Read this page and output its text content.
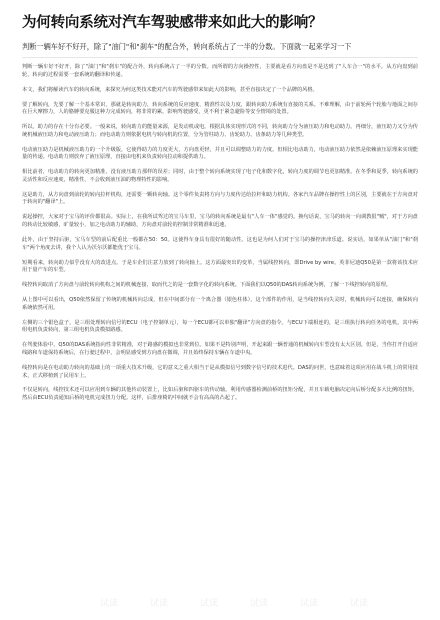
为何转向系统对汽车驾驶感带来如此大的影响？

判断一辆车好不好开，除了"油门"和"刹车"的配合外，转向系统占了一半的分数。下面就一起来学习一下

判断一辆车好不好开，除了"油门"和"刹车"的配合外，转向系统占了一半的分数。而所谓的方向操控性，主要就是看方向盘是不是达到了"人车合一"的水平。从方向盘到前轮，转向的过程需要一套系统的翻译和传递。

本文，我们将解读汽车的转向系统，来探究为何这类技术能对汽车的驾驶感带来如此大的影响，甚至直接决定了一个品牌的风格。

要了解转向，先要了解一个基本常识，那就是转向助力，转向系统的反应速度、精准性以及力度，跟转向助力系统有直接的关系。不难理解，由于前轮两个轮胎与地面之间存在巨大摩擦力，人的胳膊要克服这种力完成转向，将非常的累，影响驾驶感受，更不利于紧急避险等安全情境的处置。

所以，助力的存在十分有必要。一般来说，转向助力的能量来源，是发动机或电。根据具体实现形式的不同，转向助力分为液压助力和电动助力。再细分，液压助力又分为传统机械液压助力和电动液压助力；而电动助力则依据电机与转向机的位置，分为管柱助力、齿轮助力、齿条助力等几种类型。

电动液压助力是机械液压助力的一个升级版，它使得助力的力度更大，方向盘更轻，并且可以调整助力的力度。但相比电动助力，电动液压助力依然是依赖液压原理来实现能量的传递。电动助力则放弃了液压原理，直接由电机来负责转向拉动和提供助力。

相比前者，电动助力的转向更加精准，没有液压助力那样的误差；同时，由于整个转向系统实现了电子化和数字化，转向力度的调节也更加精准。在冬季和夏季，转向系统的灵活性和反应速度，精准性，不会收到液压油的物理特性的影响。

这是助力，从方向盘到前轮的转向拉杆机构，还需要一颗转向轴。这个零件负责将方向与力度传达给拉杆和助力机构。各家汽车品牌在操控性上的区别，主要就在于方向盘对于转向的"翻译"上。

说起操控，大家对于宝马的评价都很高。实际上，在我所试驾过的宝马车里，宝马的转向系统是最有"人车一体"感觉的。换句话说，宝马的转向一向调教很"贼"，对于方向盘的转动比较敏感，旷量较小，加之电动助力的辅助，方向盘对前轮的控制非常精准和迅速。

此外，由于坚持后驱，宝马车型的前后配重比一般都在50：50。这使得车身具有很好的随动性。这也是为何人们对于宝马的操控津津乐道。说实话，如果单从"油门"和"刹车"两个角度去讲，我个人认为沃尔沃都能优于宝马。

短期看来，转向助力似乎没有大的改进点。于是车企们注意力放到了转向轴上。这方面最突出的变革，当属线控转向，即Drive by wire。英菲尼迪Q50是第一款将该技术应用于量产车的车型。

线控转向取消了方向盘与前轮转向机构之间的机械连接，取而代之的是一套数字化的转向系统。下面我们以Q50的DAS转向系统为例，了解一下线控转向的原理。

从上图中可以看出，Q50依然保留了传统的机械转向总成，但在中间部分有一个离合器（银色柱体），这个部件的作用，是当线控转向失灵时，机械转向可以连接，确保转向系统依然可用。

左侧的三个银色盒子，是三组处理转向信号的ECU（电子控制单元），每一个ECU都可以单独"翻译"方向盘的指令。与ECU下端相连的，是三组执行转向任务的电机。其中两组电机负责转向，第三组电机负责模拟路感。

在驾驶体验中，Q50的DAS系统指向性非常精准，对于路感的模拟也非常到位。如果不是特别声明，开起来跟一辆普通的机械转向车型没有太大区别。但是，当你打开自适应线路和车道保持系统后，在行驶过程中，会明显感受到方向盘在微调，并且始终保持车辆在车道中央。

线控转向是在电动助力转向的基础上的一项重大技术升级，它的意义之重大相当于是从模拟信号到数字信号的技术进代。DAS的问世，也意味着这项应用在战斗机上的常用技术，正式移植到了民用车上。

不仅是转向，线控技术还可以应用到车辆的其他传动装置上，比如后驱和四驱车的传动轴。利用传感器检测前桥的扭矩分配，并且车载电脑决定向后桥分配多大比例的扭矩，然后由ECU负责通知后桥的电机完成扭力分配。这样，后排座椅的中间就不会有高高的凸起了。

试读	试读	试读	试读	试读	试读
